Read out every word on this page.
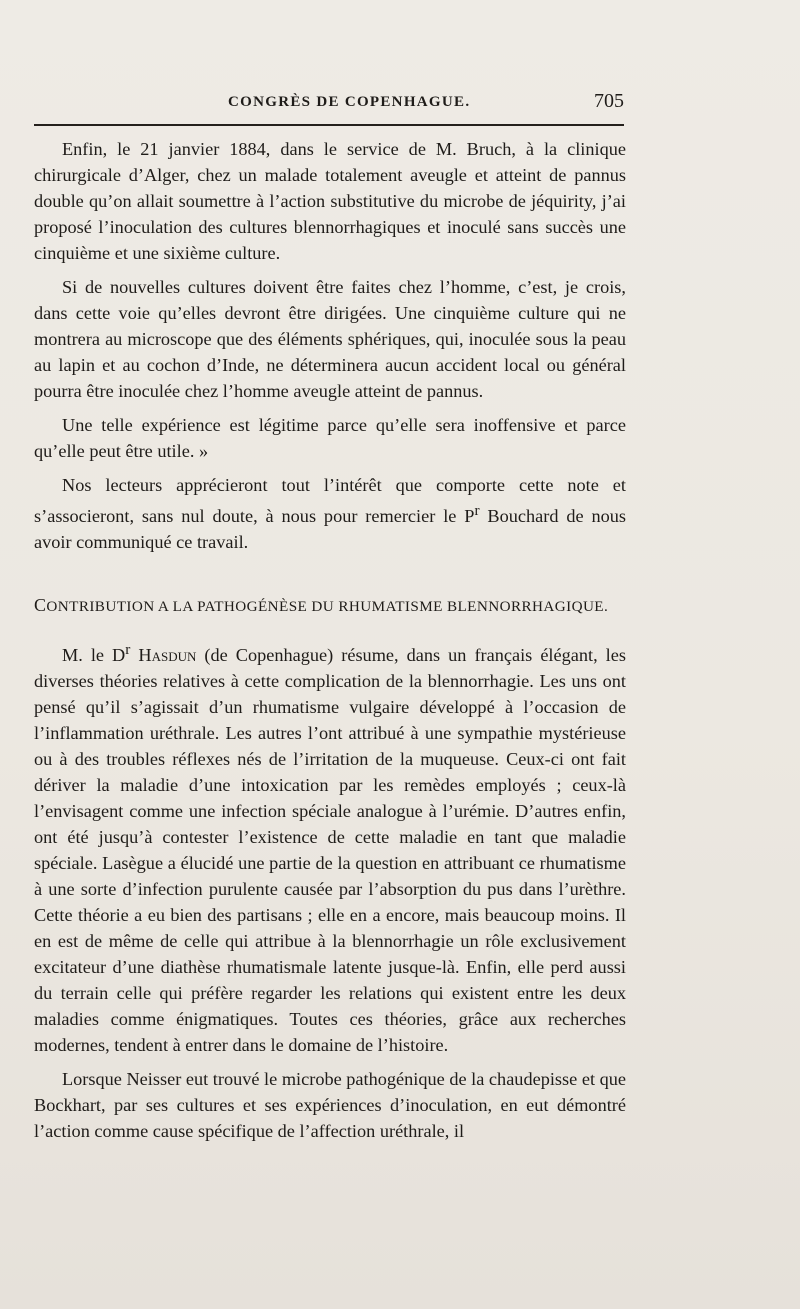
CONGRÈS DE COPENHAGUE.	705

Enfin, le 21 janvier 1884, dans le service de M. Bruch, à la clinique chirurgicale d’Alger, chez un malade totalement aveugle et atteint de pannus double qu’on allait soumettre à l’action substitutive du microbe de jéquirity, j’ai proposé l’inoculation des cultures blennorrhagiques et inoculé sans succès une cinquième et une sixième culture.

Si de nouvelles cultures doivent être faites chez l’homme, c’est, je crois, dans cette voie qu’elles devront être dirigées. Une cinquième culture qui ne montrera au microscope que des éléments sphériques, qui, inoculée sous la peau au lapin et au cochon d’Inde, ne déterminera aucun accident local ou général pourra être inoculée chez l’homme aveugle atteint de pannus.

Une telle expérience est légitime parce qu’elle sera inoffensive et parce qu’elle peut être utile. »

Nos lecteurs apprécieront tout l’intérêt que comporte cette note et s’associeront, sans nul doute, à nous pour remercier le $P^r$ Bouchard de nous avoir communiqué ce travail.

CONTRIBUTION A LA PATHOGÉNÈSE DU RHUMATISME BLENNORRHAGIQUE.

M. le $D^r$ Hasdun (de Copenhague) résume, dans un français élégant, les diverses théories relatives à cette complication de la blennorrhagie. Les uns ont pensé qu’il s’agissait d’un rhumatisme vulgaire développé à l’occasion de l’inflammation uréthrale. Les autres l’ont attribué à une sympathie mystérieuse ou à des troubles réflexes nés de l’irritation de la muqueuse. Ceux-ci ont fait dériver la maladie d’une intoxication par les remèdes employés ; ceux-là l’envisagent comme une infection spéciale analogue à l’urémie. D’autres enfin, ont été jusqu’à contester l’existence de cette maladie en tant que maladie spéciale. Lasègue a élucidé une partie de la question en attribuant ce rhumatisme à une sorte d’infection purulente causée par l’absorption du pus dans l’urèthre. Cette théorie a eu bien des partisans ; elle en a encore, mais beaucoup moins. Il en est de même de celle qui attribue à la blennorrhagie un rôle exclusivement excitateur d’une diathèse rhumatismale latente jusque-là. Enfin, elle perd aussi du terrain celle qui préfère regarder les relations qui existent entre les deux maladies comme énigmatiques. Toutes ces théories, grâce aux recherches modernes, tendent à entrer dans le domaine de l’histoire.

Lorsque Neisser eut trouvé le microbe pathogénique de la chaudepisse et que Bockhart, par ses cultures et ses expériences d’inoculation, en eut démontré l’action comme cause spécifique de l’affection uréthrale, il
